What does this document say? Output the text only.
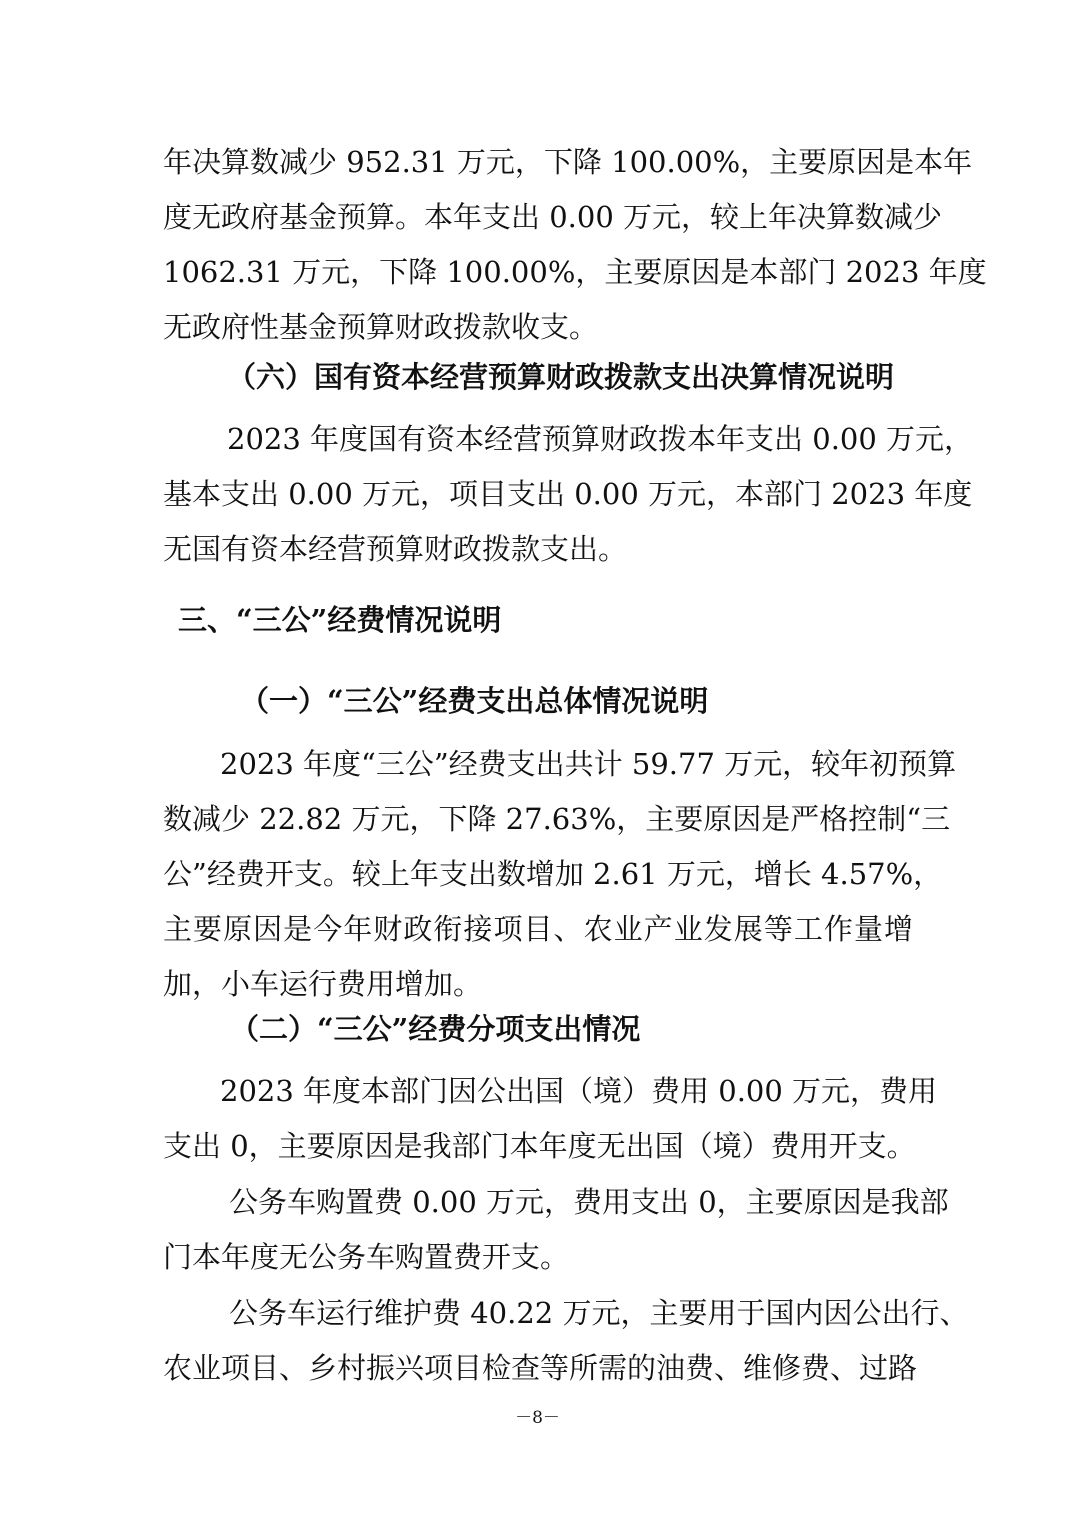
年决算数减少 952.31 万元，下降 100.00%，主要原因是本年
度无政府基金预算。本年支出 0.00 万元，较上年决算数减少
1062.31 万元，下降 100.00%，主要原因是本部门 2023 年度
无政府性基金预算财政拨款收支。
（六）国有资本经营预算财政拨款支出决算情况说明
2023 年度国有资本经营预算财政拨本年支出 0.00 万元，
基本支出 0.00 万元，项目支出 0.00 万元，本部门 2023 年度
无国有资本经营预算财政拨款支出。
三、“三公”经费情况说明
（一）“三公”经费支出总体情况说明
2023 年度“三公”经费支出共计 59.77 万元，较年初预算
数减少 22.82 万元，下降 27.63%，主要原因是严格控制“三
公”经费开支。较上年支出数增加 2.61 万元，增长 4.57%，
主要原因是今年财政衔接项目、农业产业发展等工作量增
加，小车运行费用增加。
（二）“三公”经费分项支出情况
2023 年度本部门因公出国（境）费用 0.00 万元，费用
支出 0，主要原因是我部门本年度无出国（境）费用开支。
公务车购置费 0.00 万元，费用支出 0，主要原因是我部
门本年度无公务车购置费开支。
公务车运行维护费 40.22 万元，主要用于国内因公出行、
农业项目、乡村振兴项目检查等所需的油费、维修费、过路
－8－
